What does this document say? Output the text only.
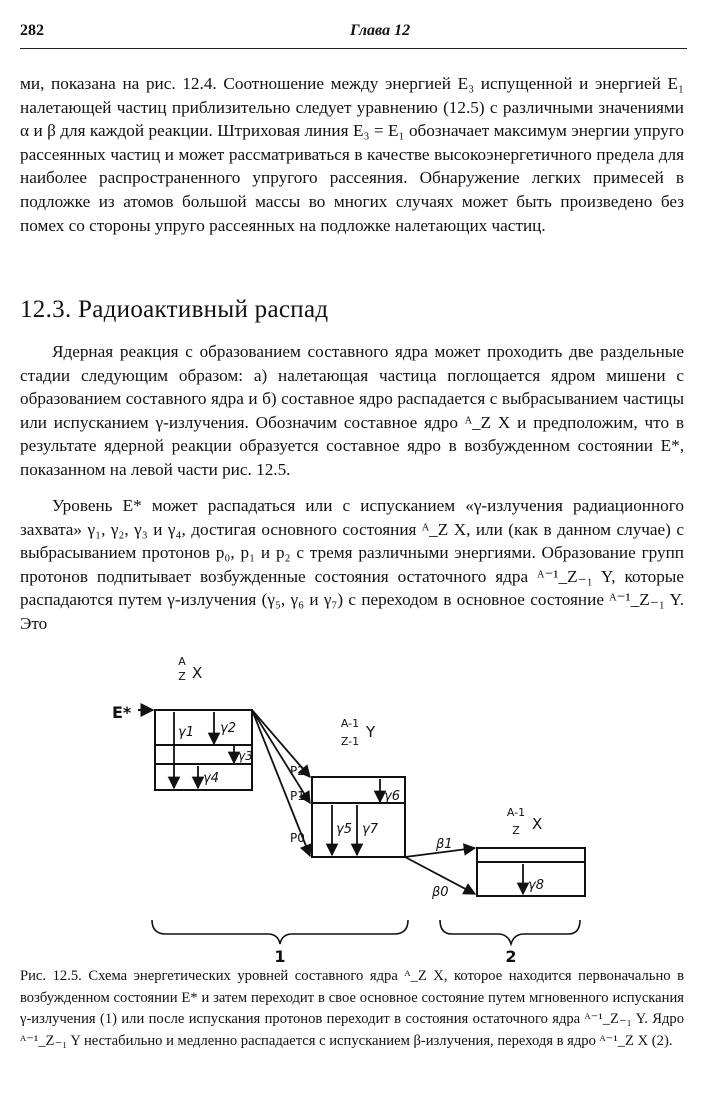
282	Глава 12
ми, показана на рис. 12.4. Соотношение между энергией E₃ испущенной и энергией E₁ налетающей частиц приблизительно следует уравнению (12.5) с различными значениями α и β для каждой реакции. Штриховая линия E₃ = E₁ обозначает максимум энергии упруго рассеянных частиц и может рассматриваться в качестве высокоэнергетичного предела для наиболее распространенного упругого рассеяния. Обнаружение легких примесей в подложке из атомов большой массы во многих случаях может быть произведено без помех со стороны упруго рассеянных на подложке налетающих частиц.
12.3. Радиоактивный распад
Ядерная реакция с образованием составного ядра может проходить две раздельные стадии следующим образом: а) налетающая частица поглощается ядром мишени с образованием составного ядра и б) составное ядро распадается с выбрасыванием частицы или испусканием γ-излучения. Обозначим составное ядро ᴬ_Z X и предположим, что в результате ядерной реакции образуется составное ядро в возбужденном состоянии E*, показанном на левой части рис. 12.5.
Уровень E* может распадаться или с испусканием «γ-излучения радиационного захвата» γ₁, γ₂, γ₃ и γ₄, достигая основного состояния ᴬ_Z X, или (как в данном случае) с выбрасыванием протонов p₀, p₁ и p₂ с тремя различными энергиями. Образование групп протонов подпитывает возбужденные состояния остаточного ядра ᴬ⁻¹_Z₋₁ Y, которые распадаются путем γ-излучения (γ₅, γ₆ и γ₇) с переходом в основное состояние ᴬ⁻¹_Z₋₁ Y. Это
A
Z X
A-1
Z-1
Y
A-1
Z X
E*
γ1 γ2
γ3
γ4
γ5
γ6
γ7
γ8
P2
P1
P0	β1
β0
1	2
Рис. 12.5. Схема энергетических уровней составного ядра ᴬ_Z X, которое находится первоначально в возбужденном состоянии E* и затем переходит в свое основное состояние путем мгновенного испускания γ-излучения (1) или после испускания протонов переходит в состояния остаточного ядра ᴬ⁻¹_Z₋₁ Y. Ядро ᴬ⁻¹_Z₋₁ Y нестабильно и медленно распадается с испусканием β-излучения, переходя в ядро ᴬ⁻¹_Z X (2).
